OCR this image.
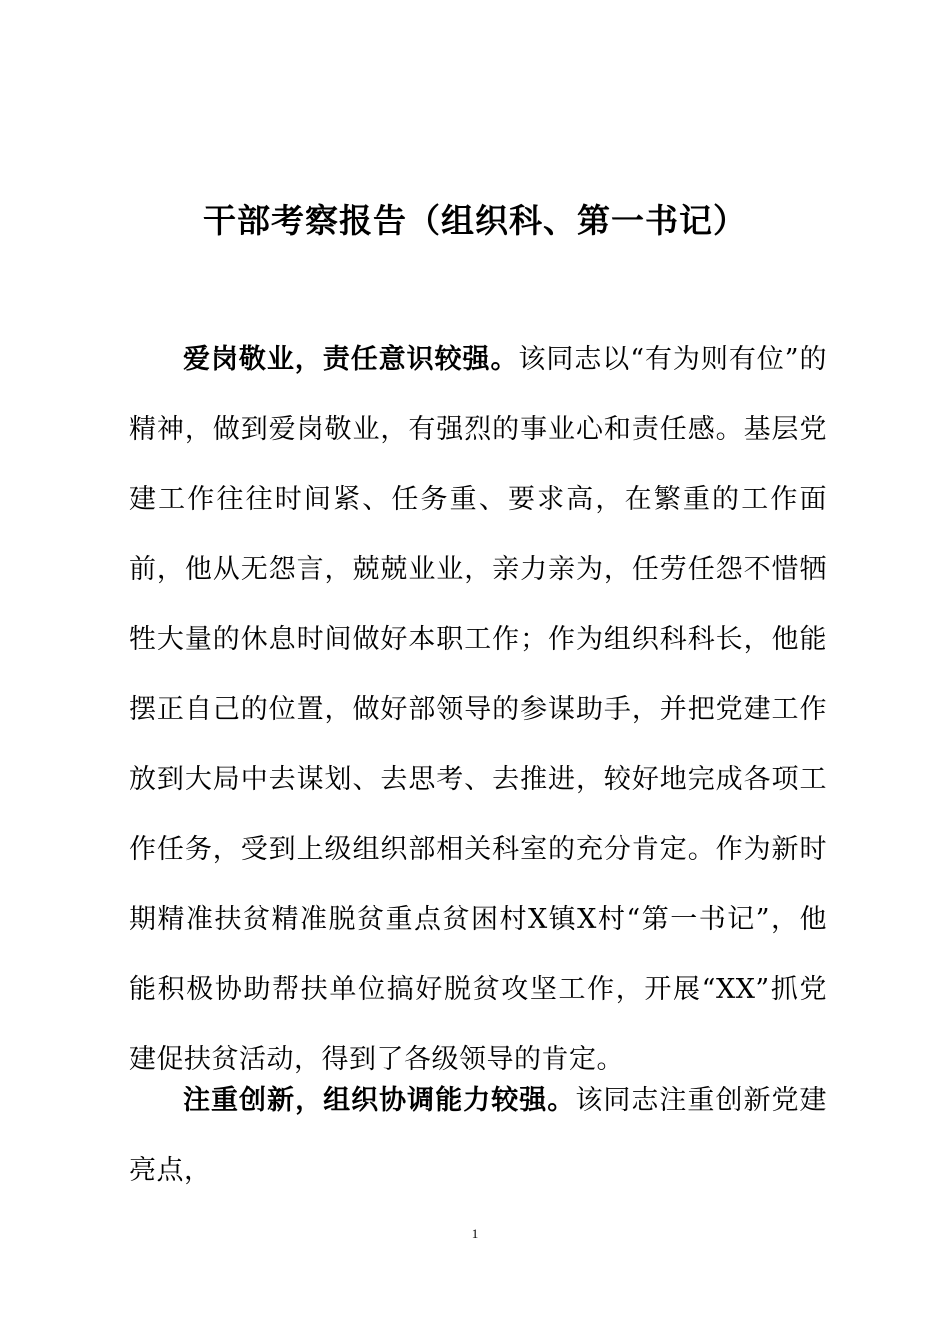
干部考察报告（组织科、第一书记）

爱岗敬业，责任意识较强。该同志以“有为则有位”的精神，做到爱岗敬业，有强烈的事业心和责任感。基层党建工作往往时间紧、任务重、要求高，在繁重的工作面前，他从无怨言，兢兢业业，亲力亲为，任劳任怨不惜牺牲大量的休息时间做好本职工作；作为组织科科长，他能摆正自己的位置，做好部领导的参谋助手，并把党建工作放到大局中去谋划、去思考、去推进，较好地完成各项工作任务，受到上级组织部相关科室的充分肯定。作为新时期精准扶贫精准脱贫重点贫困村X镇X村“第一书记”，他能积极协助帮扶单位搞好脱贫攻坚工作，开展“XX”抓党建促扶贫活动，得到了各级领导的肯定。

注重创新，组织协调能力较强。该同志注重创新党建亮点，

1
